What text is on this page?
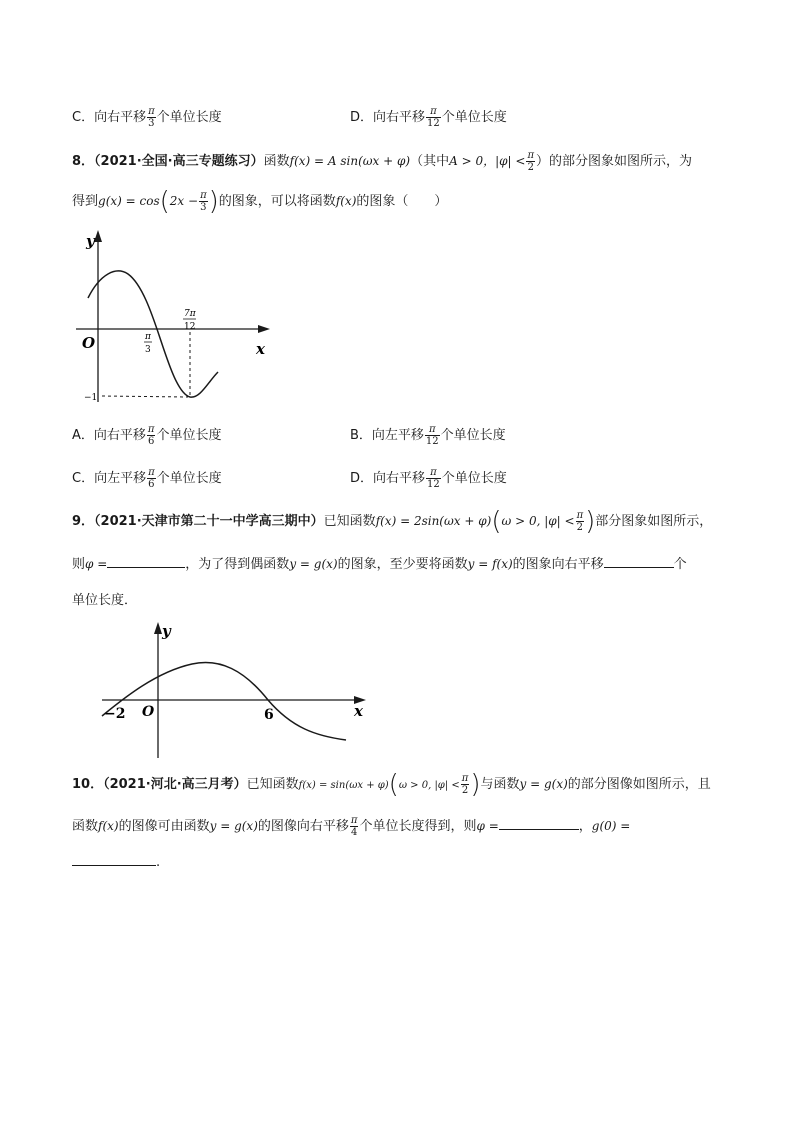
C．向右平移 $\frac{\pi}{3}$ 个单位长度	D．向右平移 $\frac{\pi}{12}$ 个单位长度
8．（2021·全国·高三专题练习）函数f(x) = A sin(ωx + φ)（其中A > 0，$|\varphi| < \frac{\pi}{2}$ ）的部分图象如图所示，为
得到$g(x) = \cos(2x - \frac{\pi}{3}$ )的图象，可以将函数f(x)的图象（　　）
y
x
O	π
3
7π
12
−1
A．向右平移 $\frac{\pi}{6}$ 个单位长度	B．向左平移 $\frac{\pi}{12}$ 个单位长度
C．向左平移 $\frac{\pi}{6}$ 个单位长度	D．向右平移 $\frac{\pi}{12}$ 个单位长度
9．（2021·天津市第二十一中学高三期中）已知函数f(x) = 2sin(ωx + φ)(ω > 0, $|\varphi| < \frac{\pi}{2}$ )部分图象如图所示，
则φ =	，为了得到偶函数y = g(x)的图象，至少要将函数y = f(x)的图象向右平移	个
单位长度．
y
x
O
−2	6
10．（2021·河北·高三月考）已知函数f(x) = sin(ωx + φ)(ω > 0, $|\varphi| < \frac{\pi}{2}$ )与函数y = g(x)的部分图像如图所示，且
函数f(x)的图像可由函数y = g(x)的图像向右平移 $\frac{\pi}{4}$ 个单位长度得到，则φ =	，g(0) =
.
